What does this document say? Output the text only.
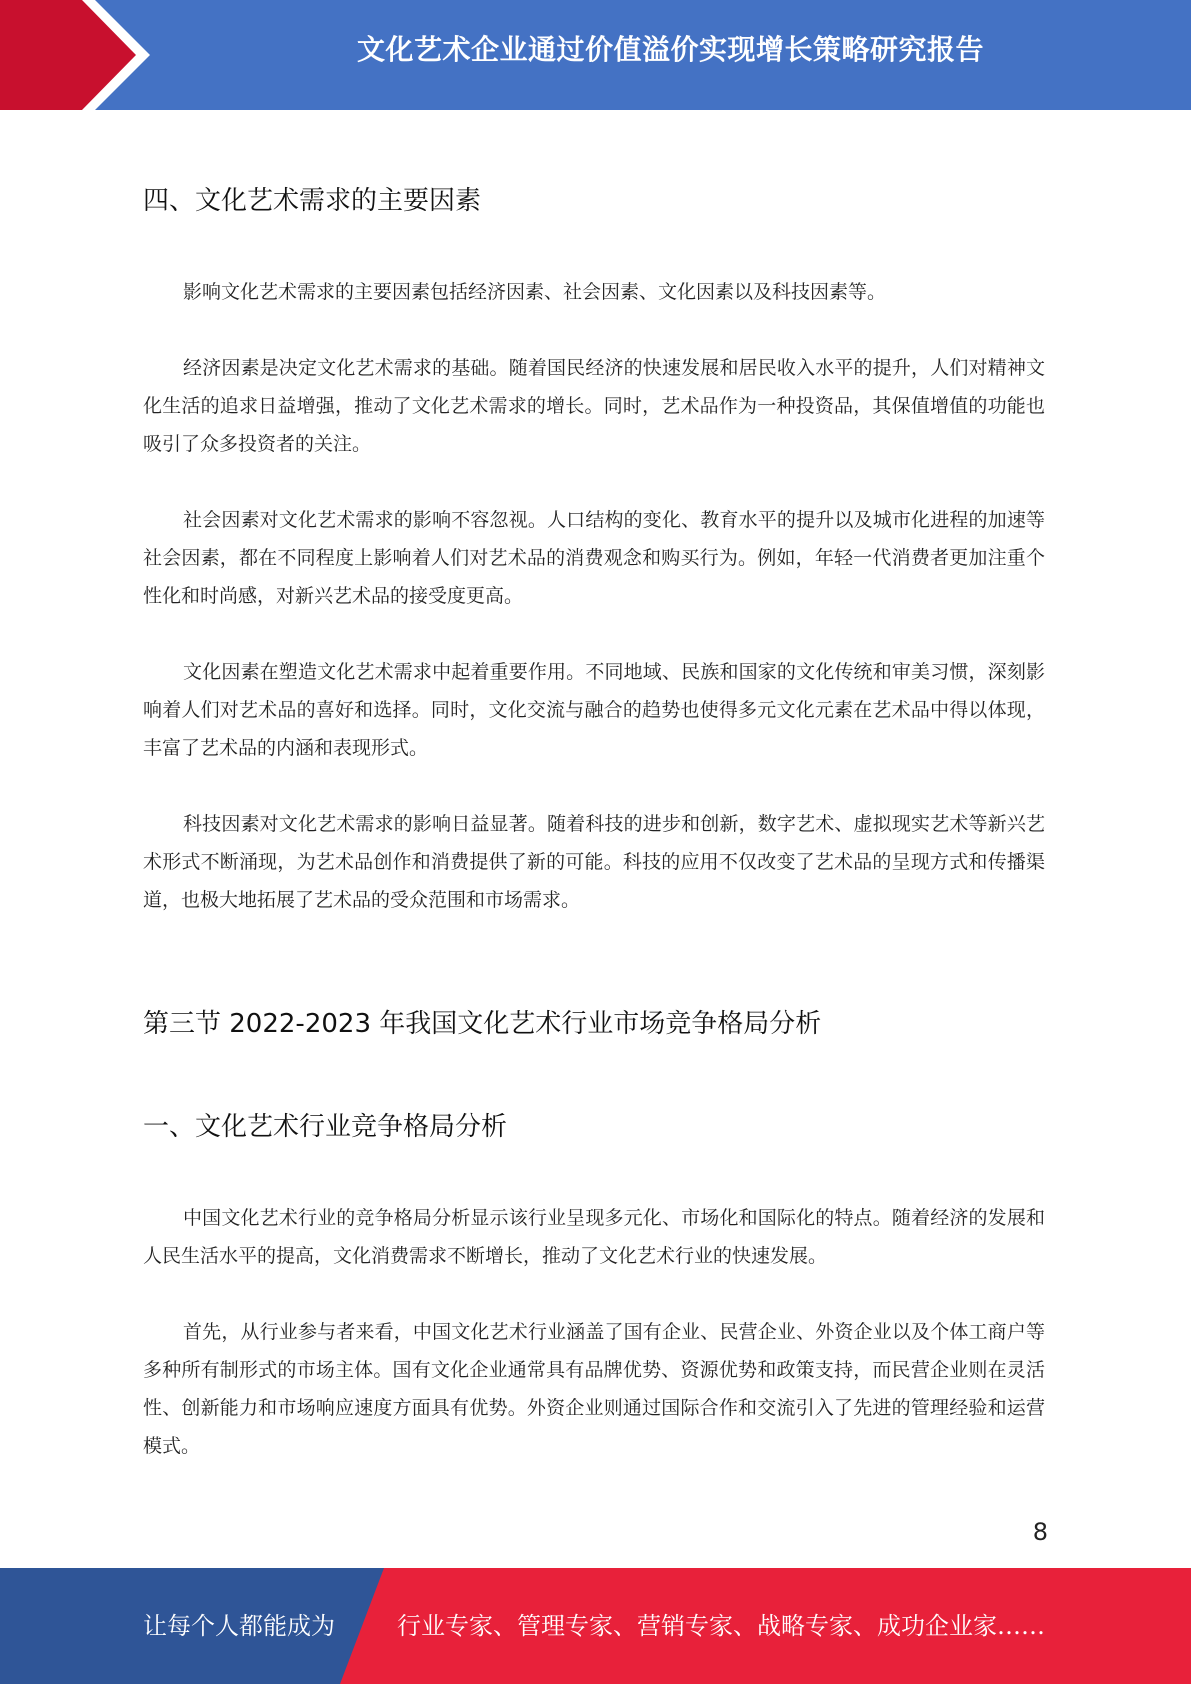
文化艺术企业通过价值溢价实现增长策略研究报告
四、文化艺术需求的主要因素

影响文化艺术需求的主要因素包括经济因素、社会因素、文化因素以及科技因素等。

经济因素是决定文化艺术需求的基础。随着国民经济的快速发展和居民收入水平的提升，人们对精神文化生活的追求日益增强，推动了文化艺术需求的增长。同时，艺术品作为一种投资品，其保值增值的功能也吸引了众多投资者的关注。

社会因素对文化艺术需求的影响不容忽视。人口结构的变化、教育水平的提升以及城市化进程的加速等社会因素，都在不同程度上影响着人们对艺术品的消费观念和购买行为。例如，年轻一代消费者更加注重个性化和时尚感，对新兴艺术品的接受度更高。

文化因素在塑造文化艺术需求中起着重要作用。不同地域、民族和国家的文化传统和审美习惯，深刻影响着人们对艺术品的喜好和选择。同时，文化交流与融合的趋势也使得多元文化元素在艺术品中得以体现，丰富了艺术品的内涵和表现形式。

科技因素对文化艺术需求的影响日益显著。随着科技的进步和创新，数字艺术、虚拟现实艺术等新兴艺术形式不断涌现，为艺术品创作和消费提供了新的可能。科技的应用不仅改变了艺术品的呈现方式和传播渠道，也极大地拓展了艺术品的受众范围和市场需求。

第三节 2022-2023 年我国文化艺术行业市场竞争格局分析
一、文化艺术行业竞争格局分析

中国文化艺术行业的竞争格局分析显示该行业呈现多元化、市场化和国际化的特点。随着经济的发展和人民生活水平的提高，文化消费需求不断增长，推动了文化艺术行业的快速发展。

首先，从行业参与者来看，中国文化艺术行业涵盖了国有企业、民营企业、外资企业以及个体工商户等多种所有制形式的市场主体。国有文化企业通常具有品牌优势、资源优势和政策支持，而民营企业则在灵活性、创新能力和市场响应速度方面具有优势。外资企业则通过国际合作和交流引入了先进的管理经验和运营模式。

8
让每个人都能成为	行业专家、管理专家、营销专家、战略专家、成功企业家……
